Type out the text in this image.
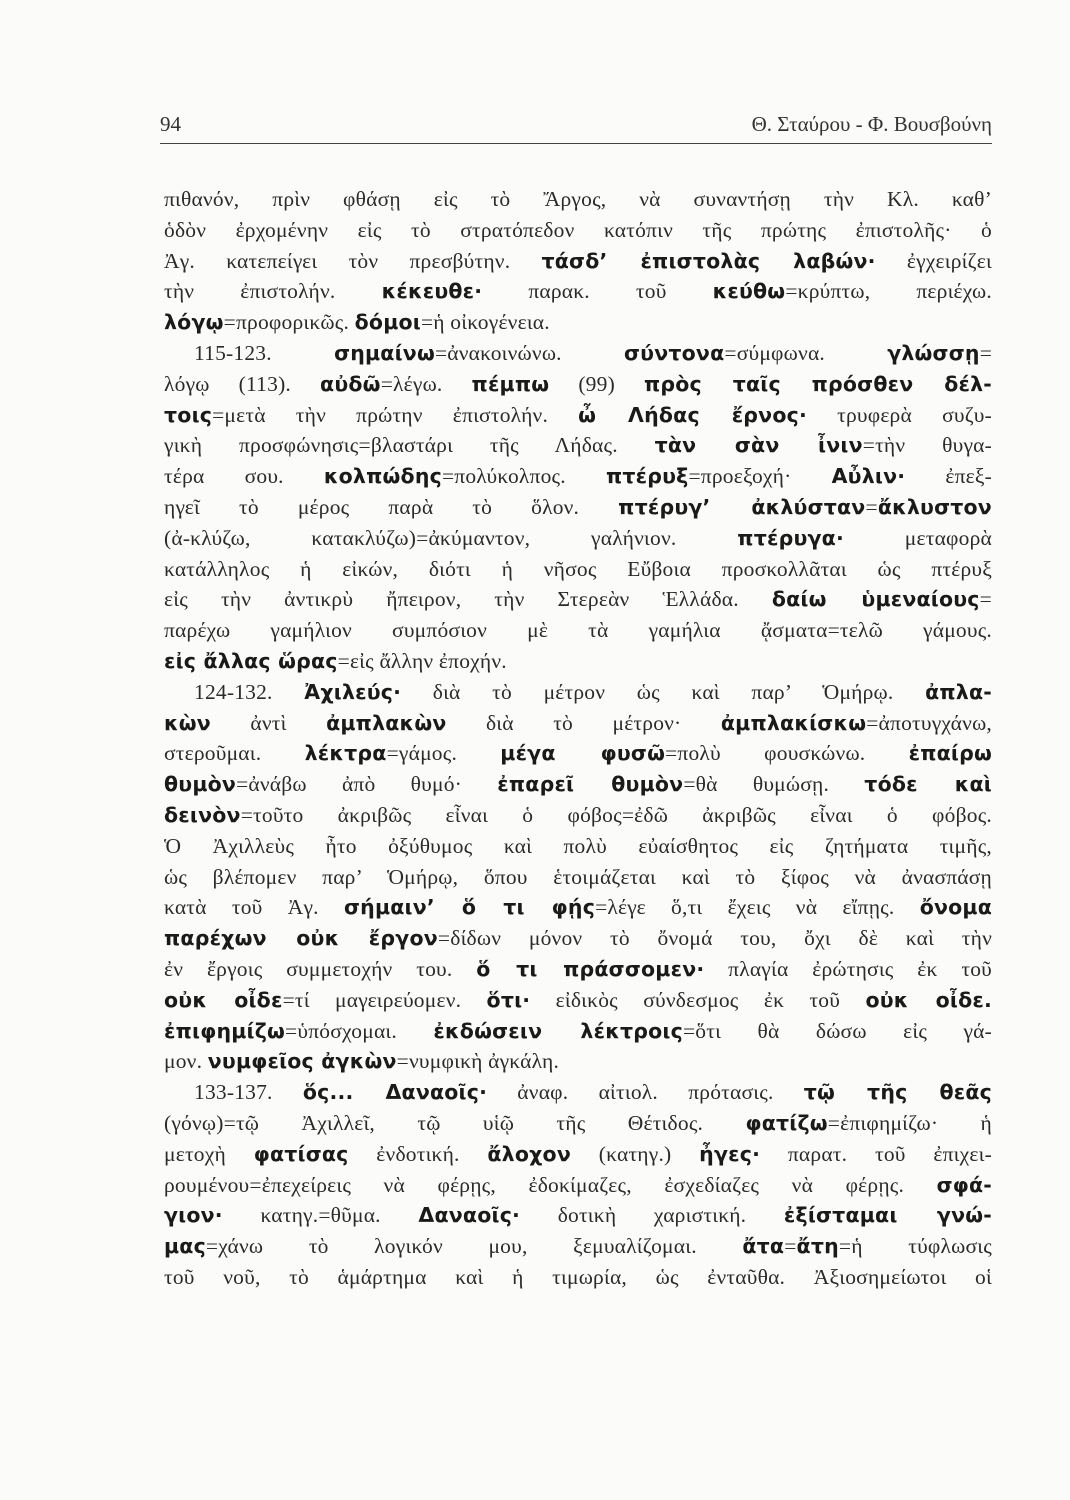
94	Θ. Σταύρου - Φ. Βουσβούνη
πιθανόν, πρὶν φθάσῃ εἰς τὸ Ἄργος, νὰ συναντήσῃ τὴν Κλ. καθ’
ὁδὸν ἐρχομένην εἰς τὸ στρατόπεδον κατόπιν τῆς πρώτης ἐπιστολῆς· ὁ
Ἀγ. κατεπείγει τὸν πρεσβύτην. τάσδ’ ἐπιστολὰς λαβών· ἐγχειρίζει
τὴν ἐπιστολήν. κέκευθε· παρακ. τοῦ κεύθω=κρύπτω, περιέχω.
λόγῳ=προφορικῶς. δόμοι=ἡ οἰκογένεια.
115-123. σημαίνω=ἀνακοινώνω. σύντονα=σύμφωνα. γλώσσῃ=
λόγῳ (113). αὐδῶ=λέγω. πέμπω (99) πρὸς ταῖς πρόσθεν δέλ-
τοις=μετὰ τὴν πρώτην ἐπιστολήν. ὦ Λήδας ἔρνος· τρυφερὰ συζυ-
γικὴ προσφώνησις=βλαστάρι τῆς Λήδας. τὰν σὰν ἶνιν=τὴν θυγα-
τέρα σου. κολπώδης=πολύκολπος. πτέρυξ=προεξοχή· Αὖλιν· ἐπεξ-
ηγεῖ τὸ μέρος παρὰ τὸ ὅλον. πτέρυγ’ ἀκλύσταν=ἄκλυστον
(ἀ-κλύζω, κατακλύζω)=ἀκύμαντον, γαλήνιον. πτέρυγα· μεταφορὰ
κατάλληλος ἡ εἰκών, διότι ἡ νῆσος Εὔβοια προσκολλᾶται ὡς πτέρυξ
εἰς τὴν ἀντικρὺ ἤπειρον, τὴν Στερεὰν Ἑλλάδα. δαίω ὑμεναίους=
παρέχω γαμήλιον συμπόσιον μὲ τὰ γαμήλια ᾄσματα=τελῶ γάμους.
εἰς ἄλλας ὥρας=εἰς ἄλλην ἐποχήν.
124-132. Ἀχιλεύς· διὰ τὸ μέτρον ὡς καὶ παρ’ Ὁμήρῳ. ἀπλα-
κὼν ἀντὶ ἀμπλακὼν διὰ τὸ μέτρον· ἀμπλακίσκω=ἀποτυγχάνω,
στεροῦμαι. λέκτρα=γάμος. μέγα φυσῶ=πολὺ φουσκώνω. ἐπαίρω
θυμὸν=ἀνάβω ἀπὸ θυμό· ἐπαρεῖ θυμὸν=θὰ θυμώσῃ. τόδε καὶ
δεινὸν=τοῦτο ἀκριβῶς εἶναι ὁ φόβος=ἐδῶ ἀκριβῶς εἶναι ὁ φόβος.
Ὁ Ἀχιλλεὺς ἦτο ὀξύθυμος καὶ πολὺ εὐαίσθητος εἰς ζητήματα τιμῆς,
ὡς βλέπομεν παρ’ Ὁμήρῳ, ὅπου ἑτοιμάζεται καὶ τὸ ξίφος νὰ ἀνασπάσῃ
κατὰ τοῦ Ἀγ. σήμαιν’ ὅ τι φῄς=λέγε ὅ,τι ἔχεις νὰ εἴπῃς. ὄνομα
παρέχων οὐκ ἔργον=δίδων μόνον τὸ ὄνομά του, ὄχι δὲ καὶ τὴν
ἐν ἔργοις συμμετοχήν του. ὅ τι πράσσομεν· πλαγία ἐρώτησις ἐκ τοῦ
οὐκ οἶδε=τί μαγειρεύομεν. ὅτι· εἰδικὸς σύνδεσμος ἐκ τοῦ οὐκ οἶδε.
ἐπιφημίζω=ὑπόσχομαι. ἐκδώσειν λέκτροις=ὅτι θὰ δώσω εἰς γά-
μον. νυμφεῖος ἀγκὼν=νυμφικὴ ἀγκάλη.
133-137. ὅς... Δαναοῖς· ἀναφ. αἰτιολ. πρότασις. τῷ τῆς θεᾶς
(γόνῳ)=τῷ Ἀχιλλεῖ, τῷ υἱῷ τῆς Θέτιδος. φατίζω=ἐπιφημίζω· ἡ
μετοχὴ φατίσας ἐνδοτική. ἄλοχον (κατηγ.) ἦγες· παρατ. τοῦ ἐπιχει-
ρουμένου=ἐπεχείρεις νὰ φέρῃς, ἐδοκίμαζες, ἐσχεδίαζες νὰ φέρῃς. σφά-
γιον· κατηγ.=θῦμα. Δαναοῖς· δοτικὴ χαριστική. ἐξίσταμαι γνώ-
μας=χάνω τὸ λογικόν μου, ξεμυαλίζομαι. ἄτα=ἄτη=ἡ τύφλωσις
τοῦ νοῦ, τὸ ἁμάρτημα καὶ ἡ τιμωρία, ὡς ἐνταῦθα. Ἀξιοσημείωτοι οἱ
